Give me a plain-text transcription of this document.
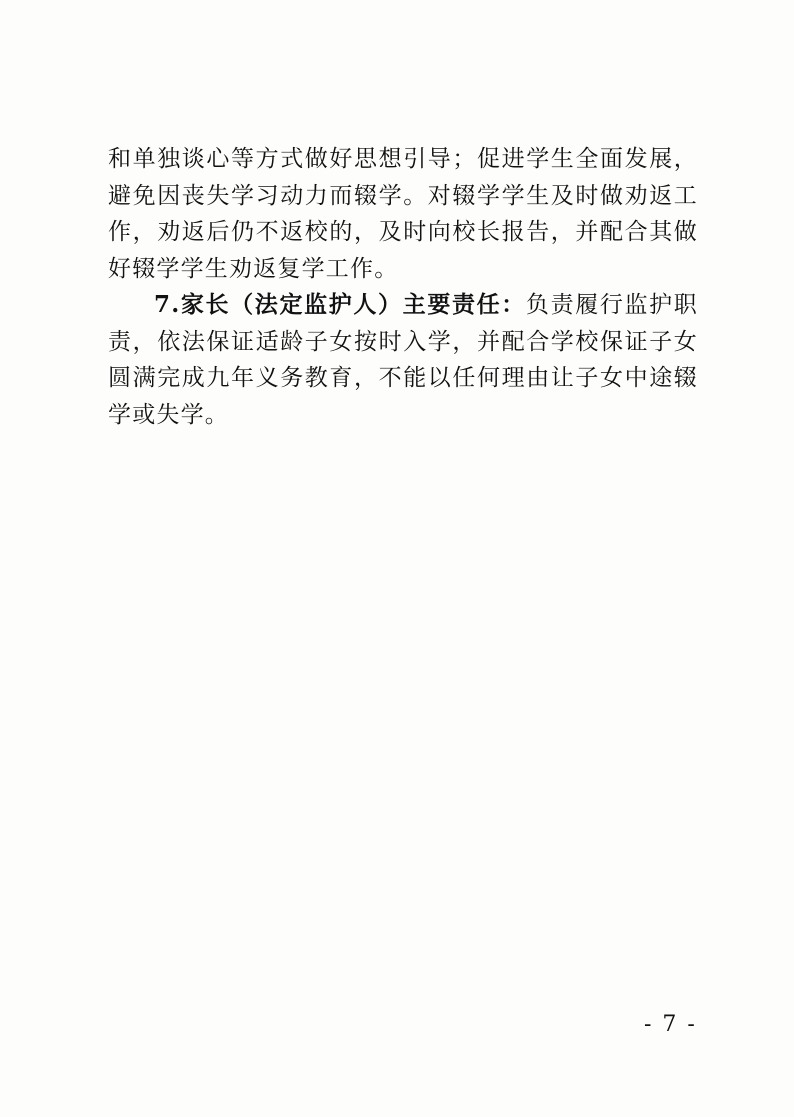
和单独谈心等方式做好思想引导；促进学生全面发展，避免因丧失学习动力而辍学。对辍学学生及时做劝返工作，劝返后仍不返校的，及时向校长报告，并配合其做好辍学学生劝返复学工作。

7.家长（法定监护人）主要责任：负责履行监护职责，依法保证适龄子女按时入学，并配合学校保证子女圆满完成九年义务教育，不能以任何理由让子女中途辍学或失学。

- 7 -
